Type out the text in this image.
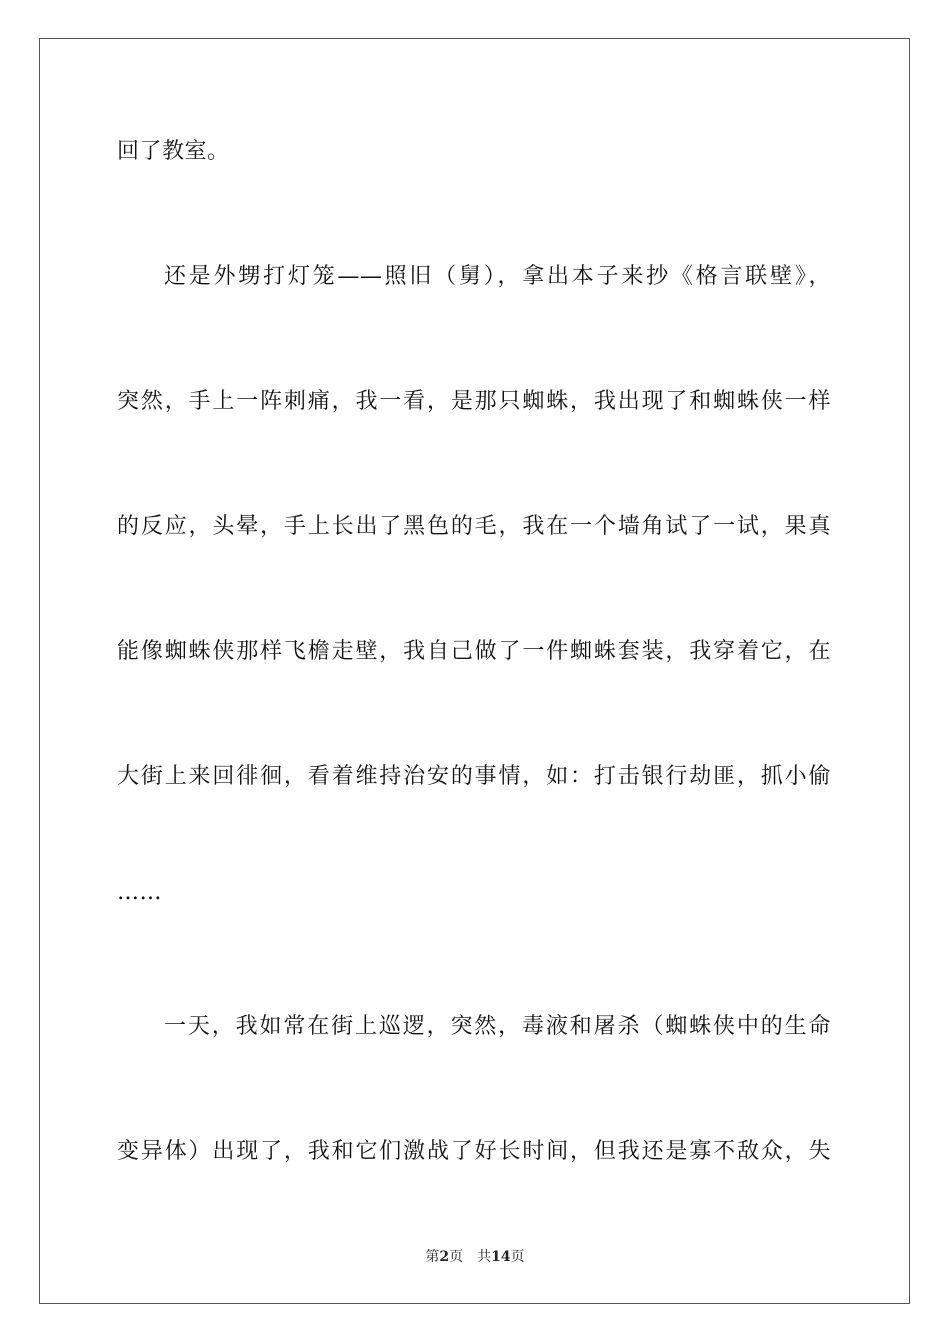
回了教室。
还是外甥打灯笼——照旧（舅），拿出本子来抄《格言联壁》，
突然，手上一阵刺痛，我一看，是那只蜘蛛，我出现了和蜘蛛侠一样
的反应，头晕，手上长出了黑色的毛，我在一个墙角试了一试，果真
能像蜘蛛侠那样飞檐走壁，我自己做了一件蜘蛛套装，我穿着它，在
大街上来回徘徊，看着维持治安的事情，如：打击银行劫匪，抓小偷
……
一天，我如常在街上巡逻，突然，毒液和屠杀（蜘蛛侠中的生命
变异体）出现了，我和它们激战了好长时间，但我还是寡不敌众，失
第2页 共14页
